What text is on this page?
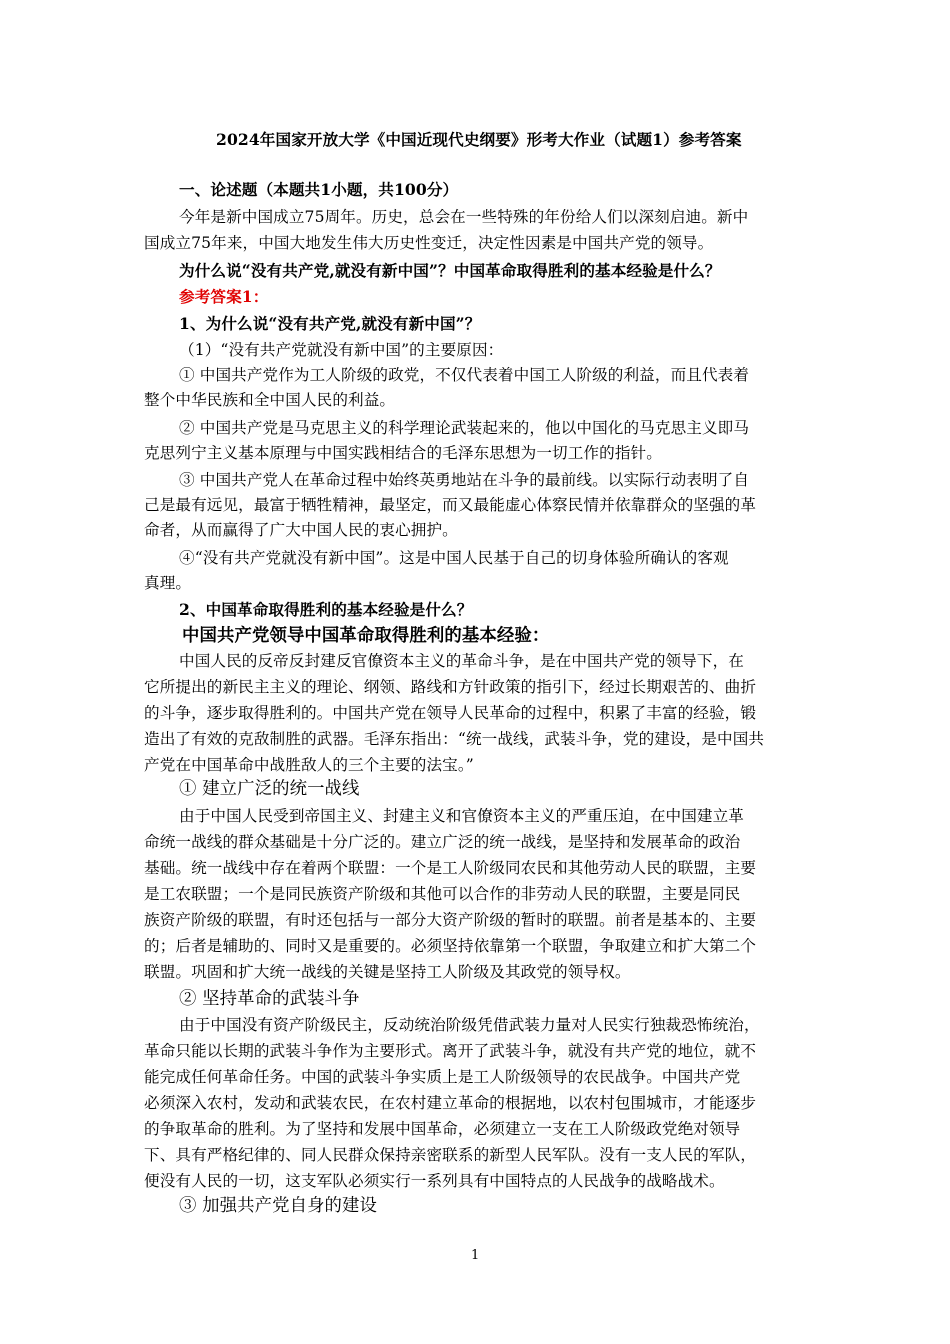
2024年国家开放大学《中国近现代史纲要》形考大作业（试题1）参考答案
一、论述题（本题共1小题，共100分）
今年是新中国成立75周年。历史，总会在一些特殊的年份给人们以深刻启迪。新中
国成立75年来，中国大地发生伟大历史性变迁，决定性因素是中国共产党的领导。
为什么说“没有共产党,就没有新中国”？中国革命取得胜利的基本经验是什么？
参考答案1：
1、为什么说“没有共产党,就没有新中国”？
（1）“没有共产党就没有新中国”的主要原因：
① 中国共产党作为工人阶级的政党，不仅代表着中国工人阶级的利益，而且代表着
整个中华民族和全中国人民的利益。
② 中国共产党是马克思主义的科学理论武装起来的，他以中国化的马克思主义即马
克思列宁主义基本原理与中国实践相结合的毛泽东思想为一切工作的指针。
③ 中国共产党人在革命过程中始终英勇地站在斗争的最前线。以实际行动表明了自
己是最有远见，最富于牺牲精神，最坚定，而又最能虚心体察民情并依靠群众的坚强的革
命者，从而赢得了广大中国人民的衷心拥护。
④“没有共产党就没有新中国”。这是中国人民基于自己的切身体验所确认的客观
真理。
2、中国革命取得胜利的基本经验是什么？
中国共产党领导中国革命取得胜利的基本经验：
中国人民的反帝反封建反官僚资本主义的革命斗争，是在中国共产党的领导下，在
它所提出的新民主主义的理论、纲领、路线和方针政策的指引下，经过长期艰苦的、曲折
的斗争，逐步取得胜利的。中国共产党在领导人民革命的过程中，积累了丰富的经验，锻
造出了有效的克敌制胜的武器。毛泽东指出：“统一战线，武装斗争，党的建设，是中国共
产党在中国革命中战胜敌人的三个主要的法宝。”
① 建立广泛的统一战线
由于中国人民受到帝国主义、封建主义和官僚资本主义的严重压迫，在中国建立革
命统一战线的群众基础是十分广泛的。建立广泛的统一战线，是坚持和发展革命的政治
基础。统一战线中存在着两个联盟：一个是工人阶级同农民和其他劳动人民的联盟，主要
是工农联盟；一个是同民族资产阶级和其他可以合作的非劳动人民的联盟，主要是同民
族资产阶级的联盟，有时还包括与一部分大资产阶级的暂时的联盟。前者是基本的、主要
的；后者是辅助的、同时又是重要的。必须坚持依靠第一个联盟，争取建立和扩大第二个
联盟。巩固和扩大统一战线的关键是坚持工人阶级及其政党的领导权。
② 坚持革命的武装斗争
由于中国没有资产阶级民主，反动统治阶级凭借武装力量对人民实行独裁恐怖统治，
革命只能以长期的武装斗争作为主要形式。离开了武装斗争，就没有共产党的地位，就不
能完成任何革命任务。中国的武装斗争实质上是工人阶级领导的农民战争。中国共产党
必须深入农村，发动和武装农民，在农村建立革命的根据地，以农村包围城市，才能逐步
的争取革命的胜利。为了坚持和发展中国革命，必须建立一支在工人阶级政党绝对领导
下、具有严格纪律的、同人民群众保持亲密联系的新型人民军队。没有一支人民的军队，
便没有人民的一切，这支军队必须实行一系列具有中国特点的人民战争的战略战术。
③ 加强共产党自身的建设
1
